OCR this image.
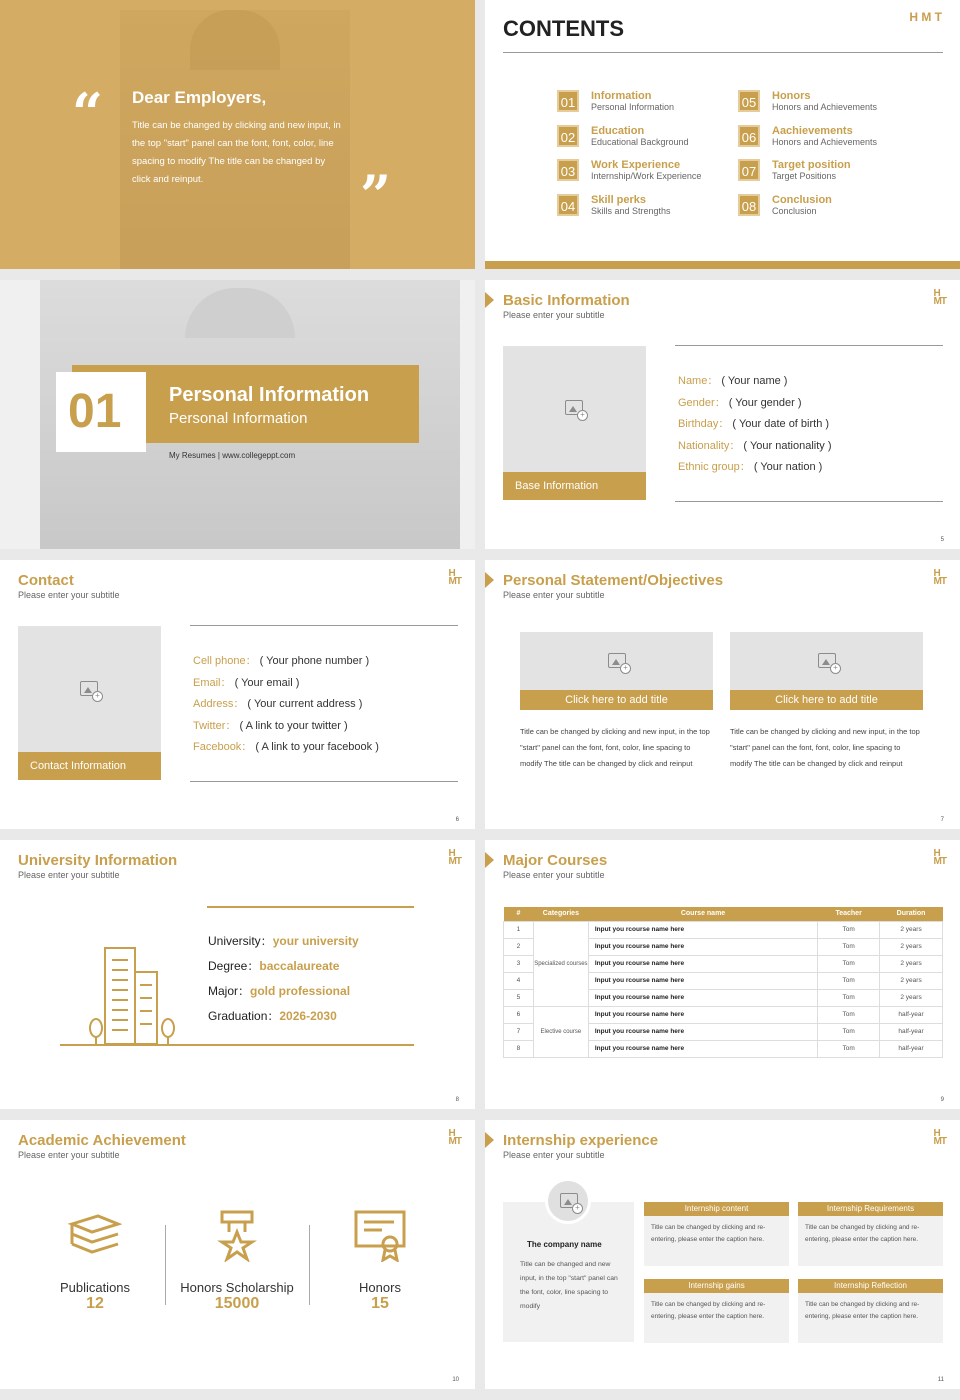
“ Dear Employers,
Title can be changed by clicking and new input, in the top "start" panel can the font, font, color, line spacing to modify The title can be changed by click and reinput.	”
CONTENTS	H M T
01	Information
Personal Information
02	Education
Educational Background
03	Work Experience
Internship/Work Experience
04	Skill perks
Skills and Strengths
05	Honors
Honors and Achievements
06	Aachievements
Honors and Achievements
07	Target position
Target Positions
08	Conclusion
Conclusion
01 Personal Information
Personal Information
My Resumes | www.collegeppt.com
Basic Information
Please enter your subtitle
H
MT
+
Base Information
Name： ( Your name )
Gender： ( Your gender )
Birthday： ( Your date of birth )
Nationality： ( Your nationality )
Ethnic group： ( Your nation )
5
Contact
Please enter your subtitle
H
MT
+
Contact Information
Cell phone： ( Your phone number )
Email： ( Your email )
Address： ( Your current address )
Twitter： ( A link to your twitter )
Facebook： ( A link to your facebook )
6
Personal Statement/Objectives
Please enter your subtitle
H
MT
+
Click here to add title
Title can be changed by clicking and new input, in the top "start" panel can the font, font, color, line spacing to modify The title can be changed by click and reinput
+
Click here to add title
Title can be changed by clicking and new input, in the top "start" panel can the font, font, color, line spacing to modify The title can be changed by click and reinput
7
University Information
Please enter your subtitle
H
MT
University：your university
Degree：baccalaureate
Major：gold professional
Graduation：2026-2030
8
Major Courses
Please enter your subtitle
H
MT
9
#	Categories	Course name	Teacher	Duration
1	Specialized courses	Input you rcourse name here	Tom	2 years
2		Input you rcourse name here	Tom	2 years
3		Input you rcourse name here	Tom	2 years
4		Input you rcourse name here	Tom	2 years
5		Input you rcourse name here	Tom	2 years
6	Elective course	Input you rcourse name here	Tom	half-year
7		Input you rcourse name here	Tom	half-year
8		Input you rcourse name here	Tom	half-year
Academic Achievement
Please enter your subtitle
H
MT
Publications
12
Honors Scholarship
15000
Honors
15
10
Internship experience
Please enter your subtitle
H
MT
+
The company name
Title can be changed and new input, in the top "start" panel can the font, color, line spacing to modify
Internship content
Title can be changed by clicking and re-entering, please enter the caption here.
Internship Requirements
Title can be changed by clicking and re-entering, please enter the caption here.
Internship gains
Title can be changed by clicking and re-entering, please enter the caption here.
Internship Reflection
Title can be changed by clicking and re-entering, please enter the caption here.
11
